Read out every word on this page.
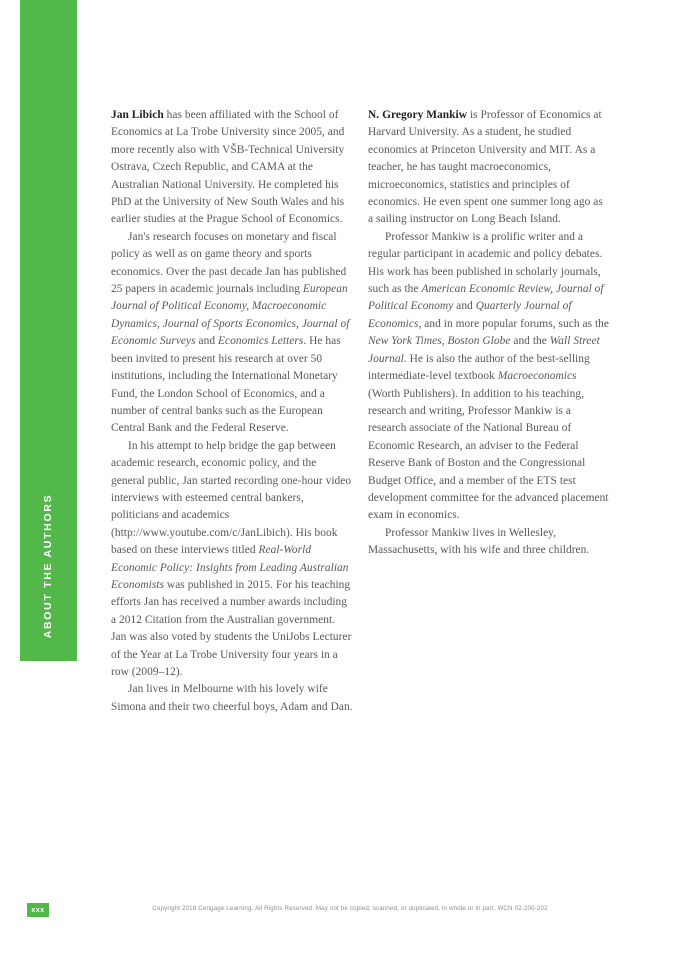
ABOUT THE AUTHORS

Jan Libich has been affiliated with the School of Economics at La Trobe University since 2005, and more recently also with VŠB-Technical University Ostrava, Czech Republic, and CAMA at the Australian National University. He completed his PhD at the University of New South Wales and his earlier studies at the Prague School of Economics.

Jan's research focuses on monetary and fiscal policy as well as on game theory and sports economics. Over the past decade Jan has published 25 papers in academic journals including European Journal of Political Economy, Macroeconomic Dynamics, Journal of Sports Economics, Journal of Economic Surveys and Economics Letters. He has been invited to present his research at over 50 institutions, including the International Monetary Fund, the London School of Economics, and a number of central banks such as the European Central Bank and the Federal Reserve.

In his attempt to help bridge the gap between academic research, economic policy, and the general public, Jan started recording one-hour video interviews with esteemed central bankers, politicians and academics (http://www.youtube.com/c/JanLibich). His book based on these interviews titled Real-World Economic Policy: Insights from Leading Australian Economists was published in 2015. For his teaching efforts Jan has received a number awards including a 2012 Citation from the Australian government. Jan was also voted by students the UniJobs Lecturer of the Year at La Trobe University four years in a row (2009–12).

Jan lives in Melbourne with his lovely wife Simona and their two cheerful boys, Adam and Dan.

N. Gregory Mankiw is Professor of Economics at Harvard University. As a student, he studied economics at Princeton University and MIT. As a teacher, he has taught macroeconomics, microeconomics, statistics and principles of economics. He even spent one summer long ago as a sailing instructor on Long Beach Island.

Professor Mankiw is a prolific writer and a regular participant in academic and policy debates. His work has been published in scholarly journals, such as the American Economic Review, Journal of Political Economy and Quarterly Journal of Economics, and in more popular forums, such as the New York Times, Boston Globe and the Wall Street Journal. He is also the author of the best-selling intermediate-level textbook Macroeconomics (Worth Publishers). In addition to his teaching, research and writing, Professor Mankiw is a research associate of the National Bureau of Economic Research, an adviser to the Federal Reserve Bank of Boston and the Congressional Budget Office, and a member of the ETS test development committee for the advanced placement exam in economics.

Professor Mankiw lives in Wellesley, Massachusetts, with his wife and three children.

xxx	Copyright 2018 Cengage Learning. All Rights Reserved. May not be copied, scanned, or duplicated, in whole or in part. WCN 02-200-202
